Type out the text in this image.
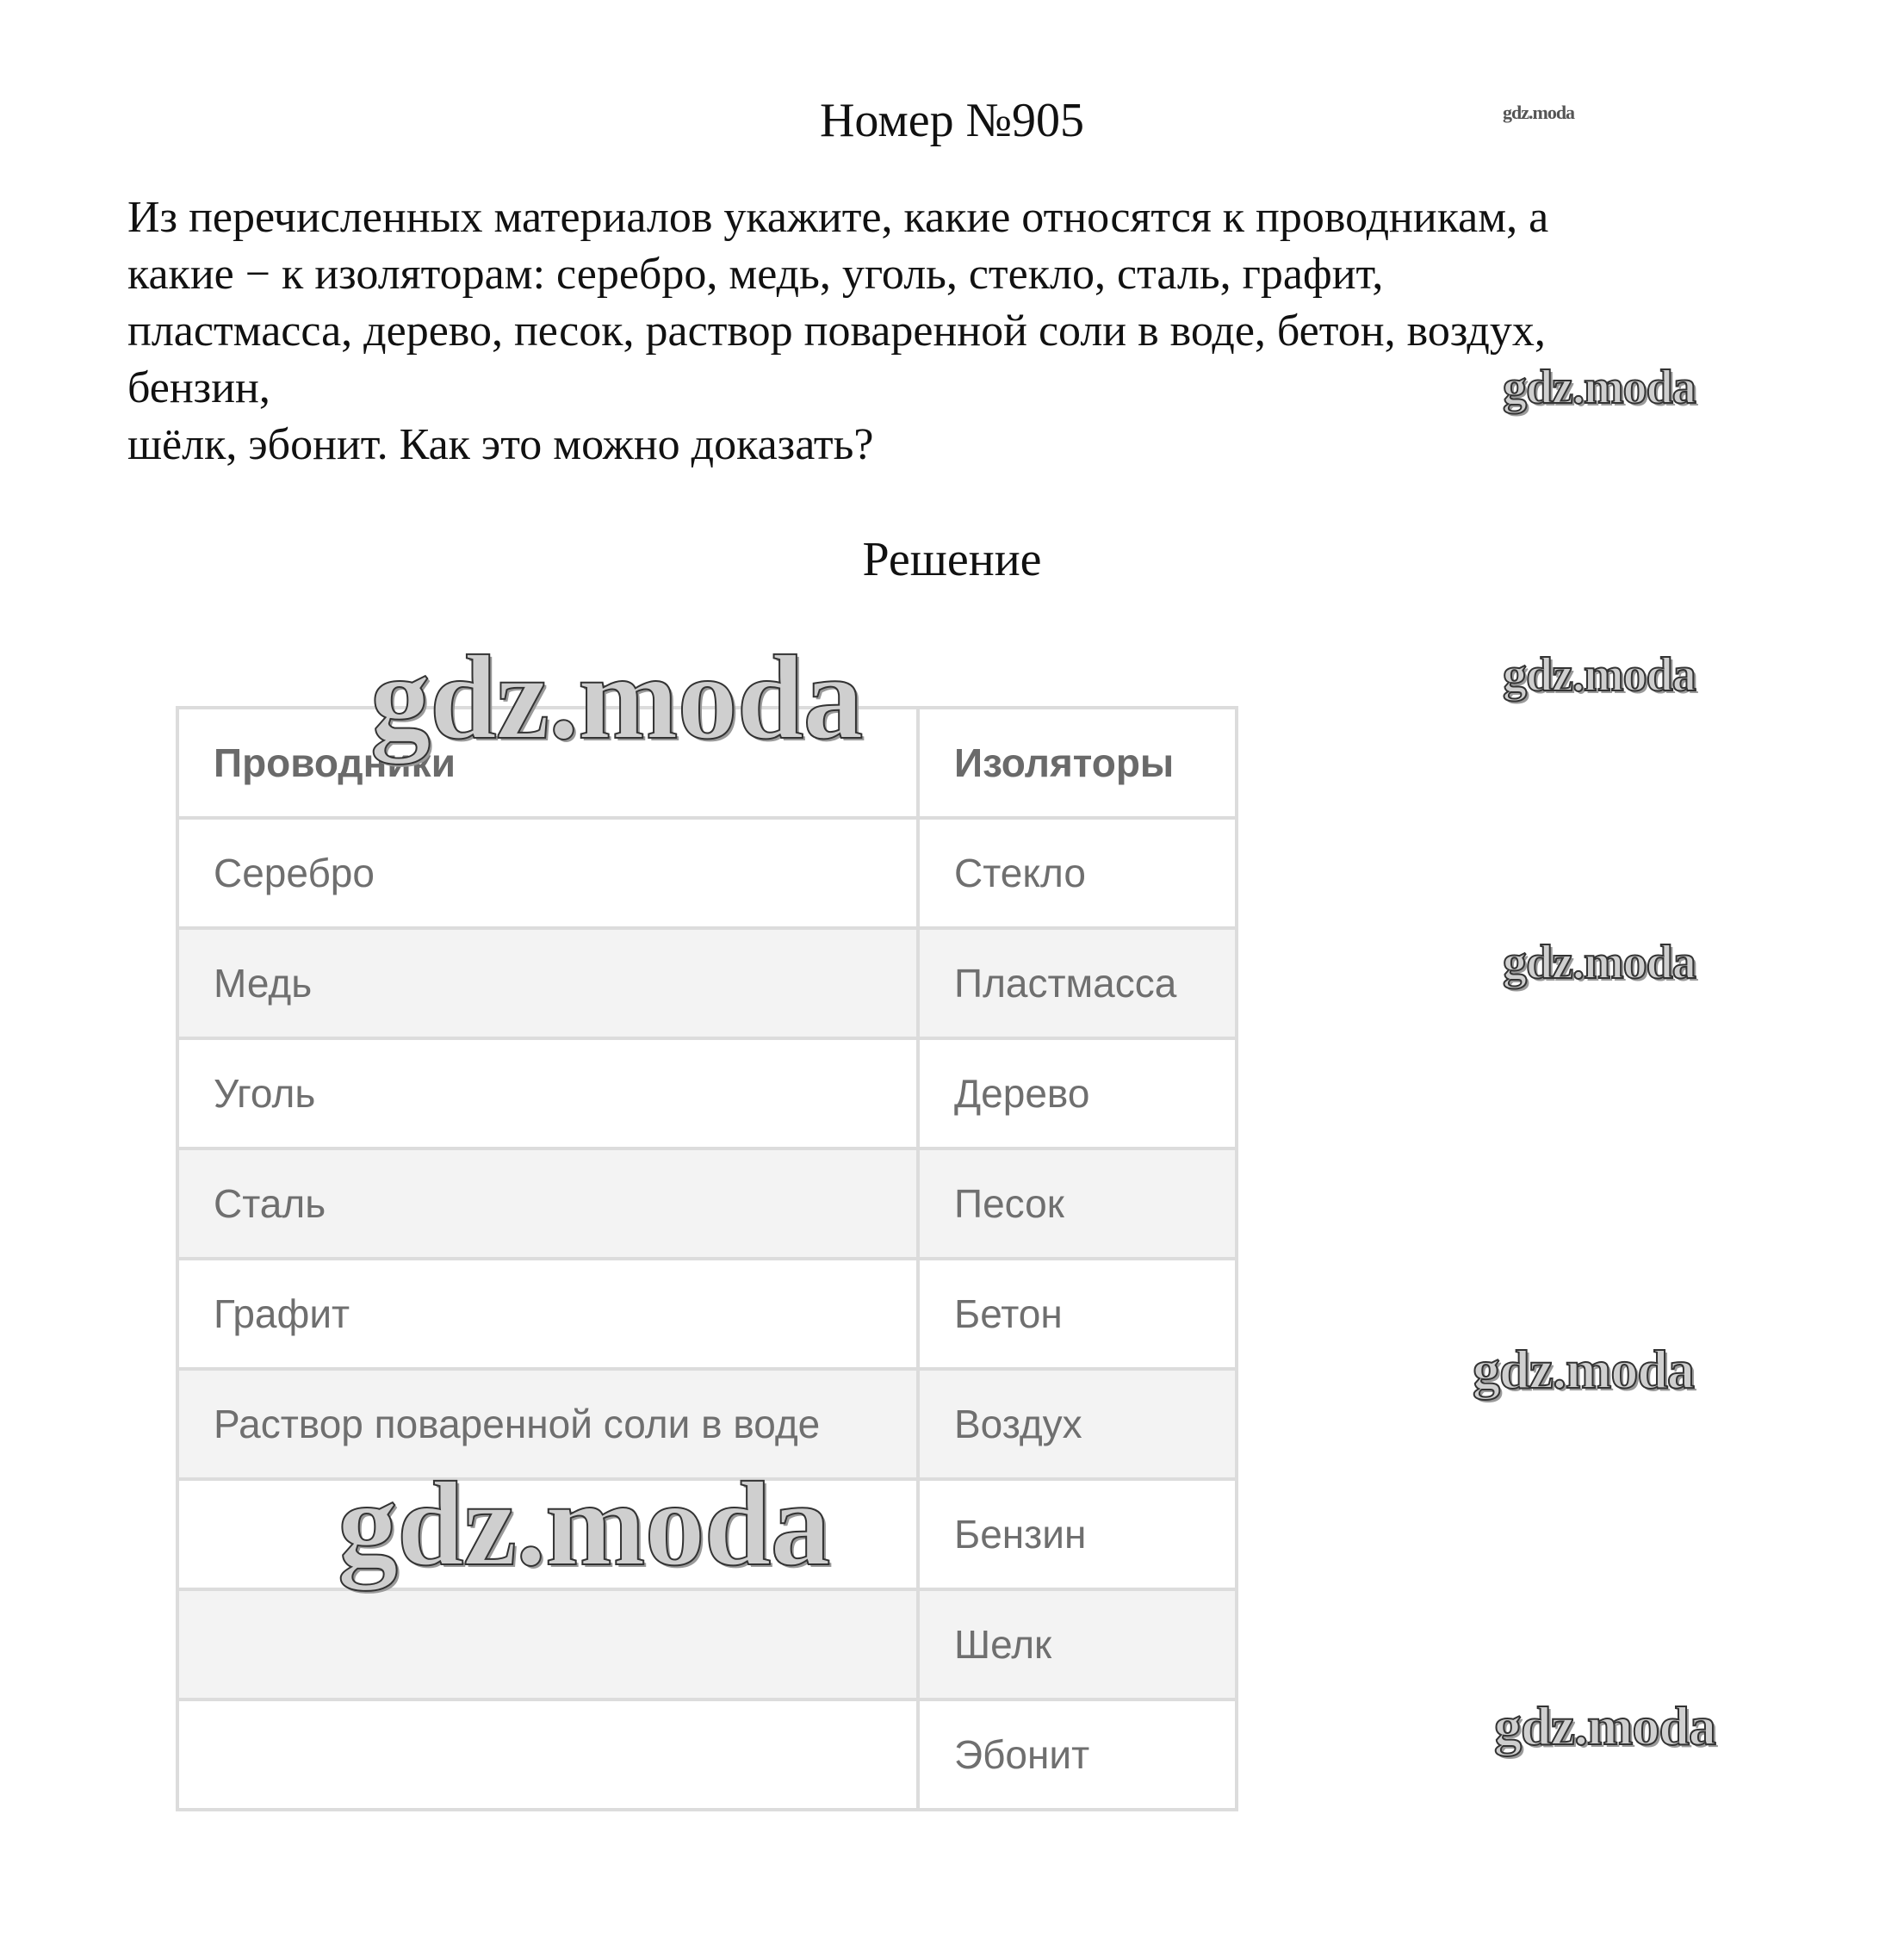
Номер №905
Из перечисленных материалов укажите, какие относятся к проводникам, а
какие − к изоляторам: серебро, медь, уголь, стекло, сталь, графит,
пластмасса, дерево, песок, раствор поваренной соли в воде, бетон, воздух,
бензин,
шёлк, эбонит. Как это можно доказать?
Решение
Проводники	Изоляторы
Серебро	Стекло
Медь	Пластмасса
Уголь	Дерево
Сталь	Песок
Графит	Бетон
Раствор поваренной соли в воде	Воздух
	Бензин
	Шелк
	Эбонит
gdz.moda
gdz.moda
gdz.moda
gdz.moda
gdz.moda
gdz.moda
gdz.moda
gdz.moda
